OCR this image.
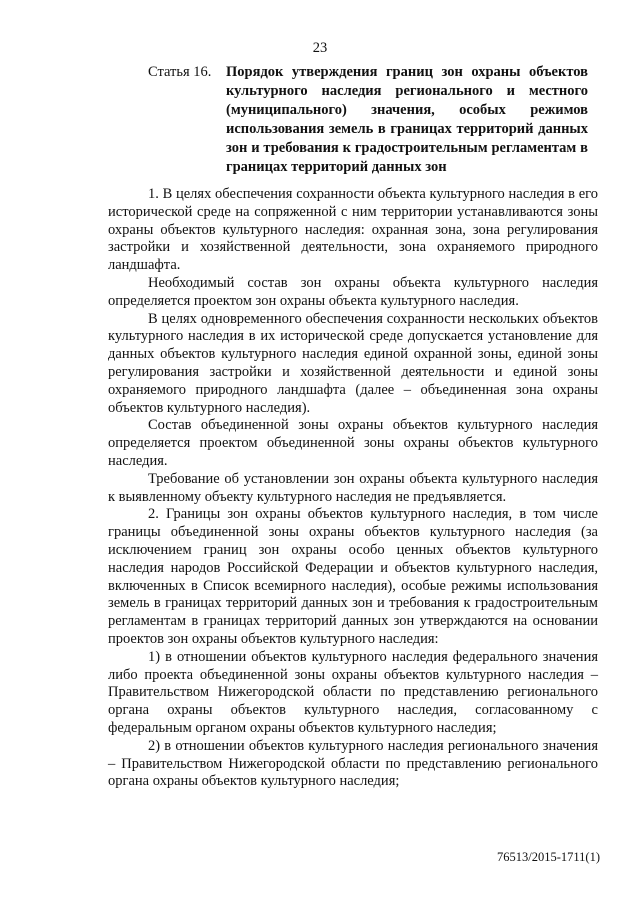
23
Статья 16.	Порядок утверждения границ зон охраны объектов культурного наследия регионального и местного (муниципального) значения, особых режимов использования земель в границах территорий данных зон и требования к градостроительным регламентам в границах территорий данных зон

1. В целях обеспечения сохранности объекта культурного наследия в его исторической среде на сопряженной с ним территории устанавливаются зоны охраны объектов культурного наследия: охранная зона, зона регулирования застройки и хозяйственной деятельности, зона охраняемого природного ландшафта.

Необходимый состав зон охраны объекта культурного наследия определяется проектом зон охраны объекта культурного наследия.

В целях одновременного обеспечения сохранности нескольких объектов культурного наследия в их исторической среде допускается установление для данных объектов культурного наследия единой охранной зоны, единой зоны регулирования застройки и хозяйственной деятельности и единой зоны охраняемого природного ландшафта (далее – объединенная зона охраны объектов культурного наследия).

Состав объединенной зоны охраны объектов культурного наследия определяется проектом объединенной зоны охраны объектов культурного наследия.

Требование об установлении зон охраны объекта культурного наследия к выявленному объекту культурного наследия не предъявляется.

2. Границы зон охраны объектов культурного наследия, в том числе границы объединенной зоны охраны объектов культурного наследия (за исключением границ зон охраны особо ценных объектов культурного наследия народов Российской Федерации и объектов культурного наследия, включенных в Список всемирного наследия), особые режимы использования земель в границах территорий данных зон и требования к градостроительным регламентам в границах территорий данных зон утверждаются на основании проектов зон охраны объектов культурного наследия:

1) в отношении объектов культурного наследия федерального значения либо проекта объединенной зоны охраны объектов культурного наследия – Правительством Нижегородской области по представлению регионального органа охраны объектов культурного наследия, согласованному с федеральным органом охраны объектов культурного наследия;

2) в отношении объектов культурного наследия регионального значения – Правительством Нижегородской области по представлению регионального органа охраны объектов культурного наследия;

76513/2015-1711(1)
